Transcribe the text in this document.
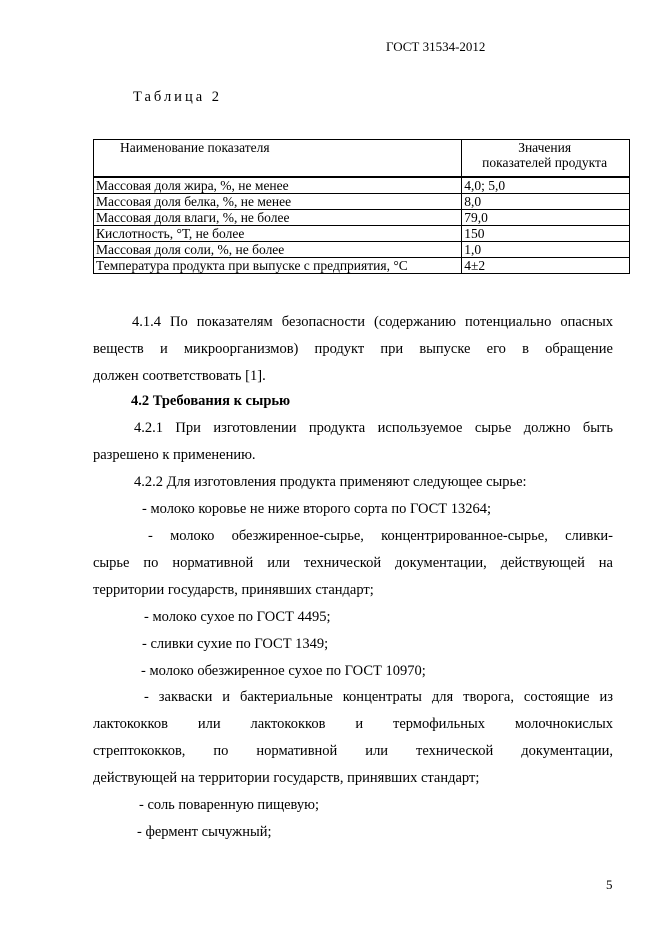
ГОСТ 31534-2012
Таблица 2
Наименование показателя	Значения
показателей продукта

Массовая доля жира, %, не менее	4,0; 5,0
Массовая доля белка, %, не менее	8,0
Массовая доля влаги, %, не более	79,0
Кислотность, °Т, не более	150
Массовая доля соли, %, не более	1,0
Температура продукта при выпуске с предприятия, °С	4±2
4.1.4 По показателям безопасности (содержанию потенциально опасных
веществ и микроорганизмов) продукт при выпуске его в обращение
должен соответствовать [1].
4.2 Требования к сырью
4.2.1 При изготовлении продукта используемое сырье должно быть
разрешено к применению.
4.2.2 Для изготовления продукта применяют следующее сырье:
- молоко коровье не ниже второго сорта по ГОСТ 13264;
- молоко обезжиренное-сырье, концентрированное-сырье, сливки-
сырье по нормативной или технической документации, действующей на
территории государств, принявших стандарт;
- молоко сухое по ГОСТ 4495;
- сливки сухие по ГОСТ 1349;
- молоко обезжиренное сухое по ГОСТ 10970;
- закваски и бактериальные концентраты для творога, состоящие из
лактококков или лактококков и термофильных молочнокислых
стрептококков, по нормативной или технической документации,
действующей на территории государств, принявших стандарт;
- соль поваренную пищевую;
- фермент сычужный;
5
